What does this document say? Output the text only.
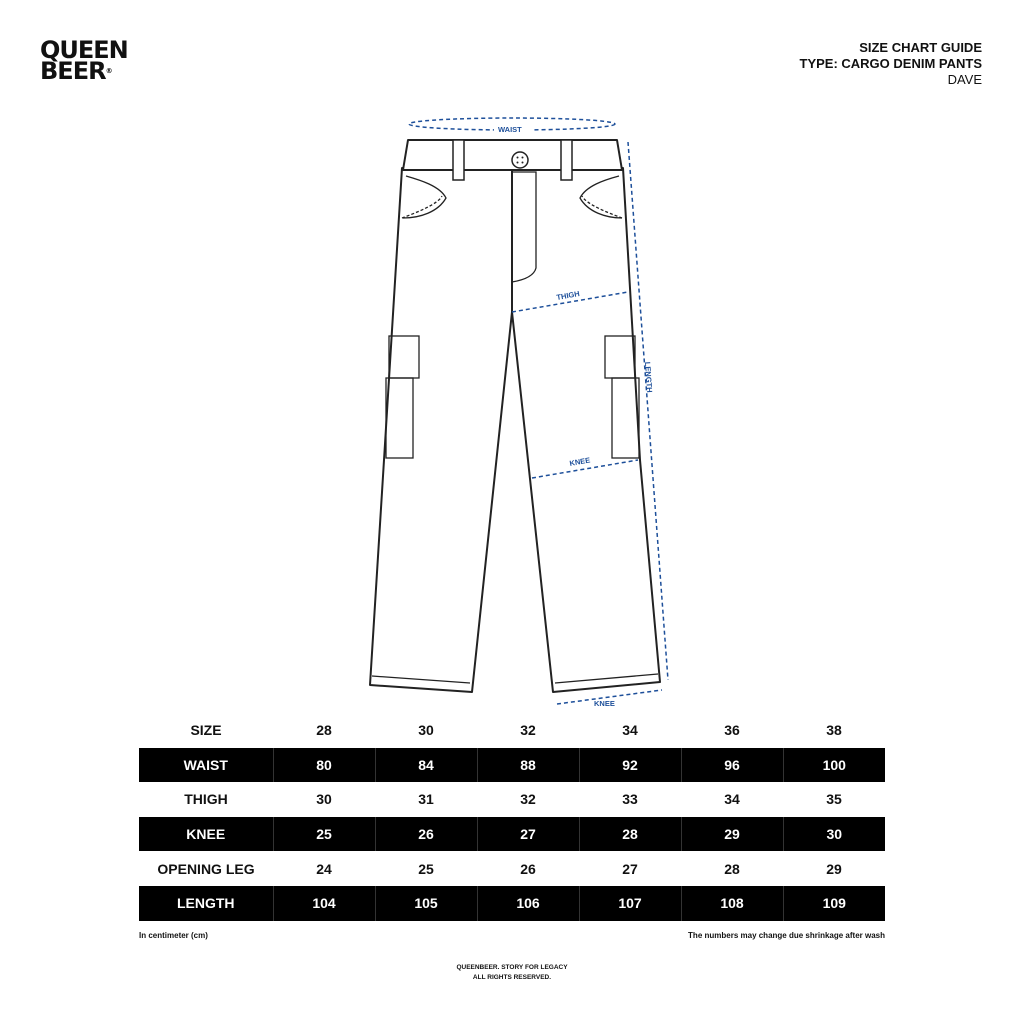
QUEEN
BEER®
SIZE CHART GUIDE
TYPE: CARGO DENIM PANTS
DAVE
WAIST
THIGH
KNEE
LENGTH
KNEE
SIZE	28	30	32	34	36	38
WAIST	80	84	88	92	96	100
THIGH	30	31	32	33	34	35
KNEE	25	26	27	28	29	30
OPENING LEG	24	25	26	27	28	29
LENGTH	104	105	106	107	108	109
In centimeter (cm)	The numbers may change due shrinkage after wash
QUEENBEER. STORY FOR LEGACY
ALL RIGHTS RESERVED.
